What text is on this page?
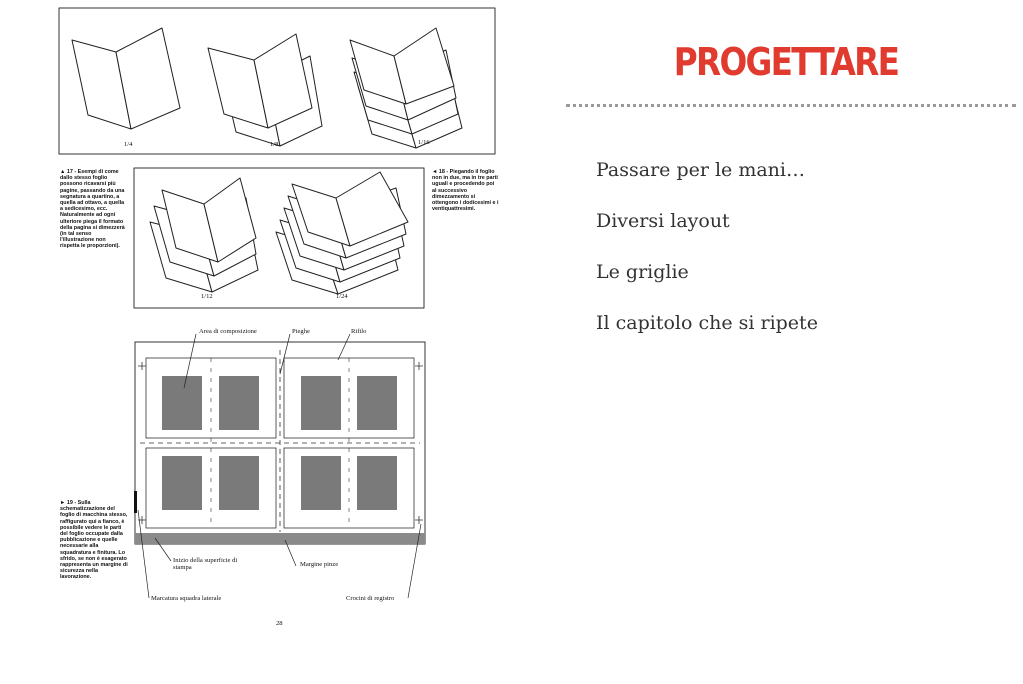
1/4	1/8	1/16
1/12	1/24
▲ 17 - Esempi di come dallo stesso foglio possono ricavarsi più pagine, passando da una segnatura a quartino, a quella ad ottavo, a quella a sedicesimo, ecc. Naturalmente ad ogni ulteriore piega il formato della pagina si dimezzerà (in tal senso l'illustrazione non rispetta le proporzioni).
◄ 18 - Piegando il foglio non in due, ma in tre parti uguali e procedendo poi al successivo dimezzamento si ottengono i dodicesimi e i ventiquattresimi.
► 19 - Sulla schematizzazione del foglio di macchina stesso, raffigurato qui a fianco, è possibile vedere le parti del foglio occupate dalla pubblicazione e quelle necessarie alla squadratura e finitura. Lo sfrido, se non è esagerato rappresenta un margine di sicurezza nella lavorazione.
Area di composizione	Pieghe	Rifilo
Inizio della superficie di stampa	Margine pinze
Marcatura squadra laterale	Crocini di registro
28
PROGETTARE
Passare per le mani…
Diversi layout
Le griglie
Il capitolo che si ripete
